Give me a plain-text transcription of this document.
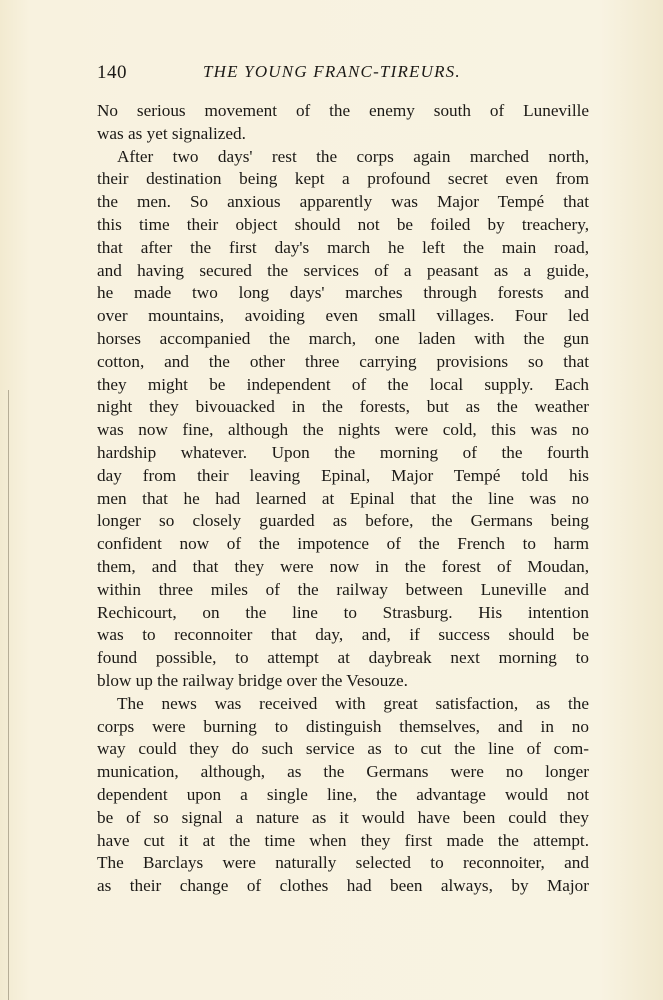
140	THE YOUNG FRANC-TIREURS.
No serious movement of the enemy south of Luneville
was as yet signalized.
After two days' rest the corps again marched north,
their destination being kept a profound secret even from
the men. So anxious apparently was Major Tempé that
this time their object should not be foiled by treachery,
that after the first day's march he left the main road,
and having secured the services of a peasant as a guide,
he made two long days' marches through forests and
over mountains, avoiding even small villages. Four led
horses accompanied the march, one laden with the gun
cotton, and the other three carrying provisions so that
they might be independent of the local supply. Each
night they bivouacked in the forests, but as the weather
was now fine, although the nights were cold, this was no
hardship whatever. Upon the morning of the fourth
day from their leaving Epinal, Major Tempé told his
men that he had learned at Epinal that the line was no
longer so closely guarded as before, the Germans being
confident now of the impotence of the French to harm
them, and that they were now in the forest of Moudan,
within three miles of the railway between Luneville and
Rechicourt, on the line to Strasburg. His intention
was to reconnoiter that day, and, if success should be
found possible, to attempt at daybreak next morning to
blow up the railway bridge over the Vesouze.
The news was received with great satisfaction, as the
corps were burning to distinguish themselves, and in no
way could they do such service as to cut the line of com-
munication, although, as the Germans were no longer
dependent upon a single line, the advantage would not
be of so signal a nature as it would have been could they
have cut it at the time when they first made the attempt.
The Barclays were naturally selected to reconnoiter, and
as their change of clothes had been always, by Major
